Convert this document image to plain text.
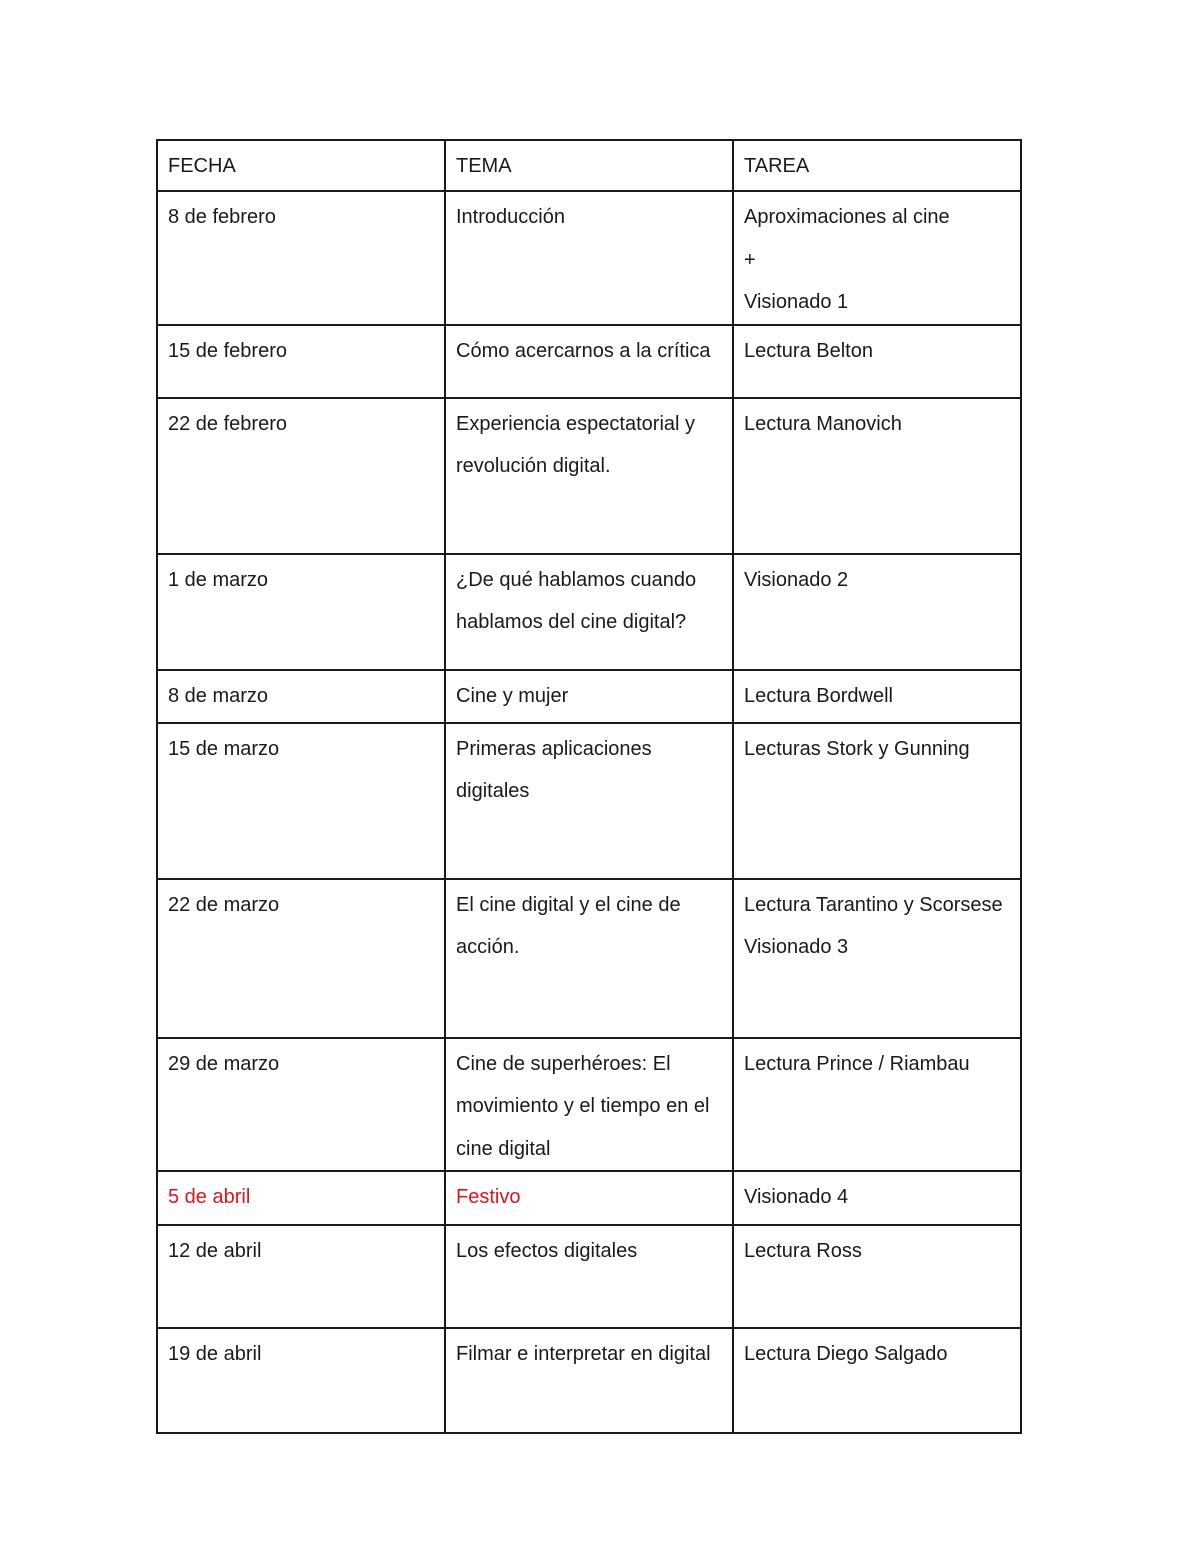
FECHA	TEMA	TAREA

8 de febrero	Introducción	Aproximaciones al cine
+
Visionado 1

15 de febrero	Cómo acercarnos a la crítica	Lectura Belton

22 de febrero	Experiencia espectatorial y revolución digital.	Lectura Manovich

1 de marzo	¿De qué hablamos cuando hablamos del cine digital?	Visionado 2

8 de marzo	Cine y mujer	Lectura Bordwell

15 de marzo	Primeras aplicaciones digitales	Lecturas Stork y Gunning

22 de marzo	El cine digital y el cine de acción.	Lectura Tarantino y Scorsese
Visionado 3

29 de marzo	Cine de superhéroes: El movimiento y el tiempo en el cine digital	Lectura Prince / Riambau

5 de abril	Festivo	Visionado 4

12 de abril	Los efectos digitales	Lectura Ross

19 de abril	Filmar e interpretar en digital	Lectura Diego Salgado
